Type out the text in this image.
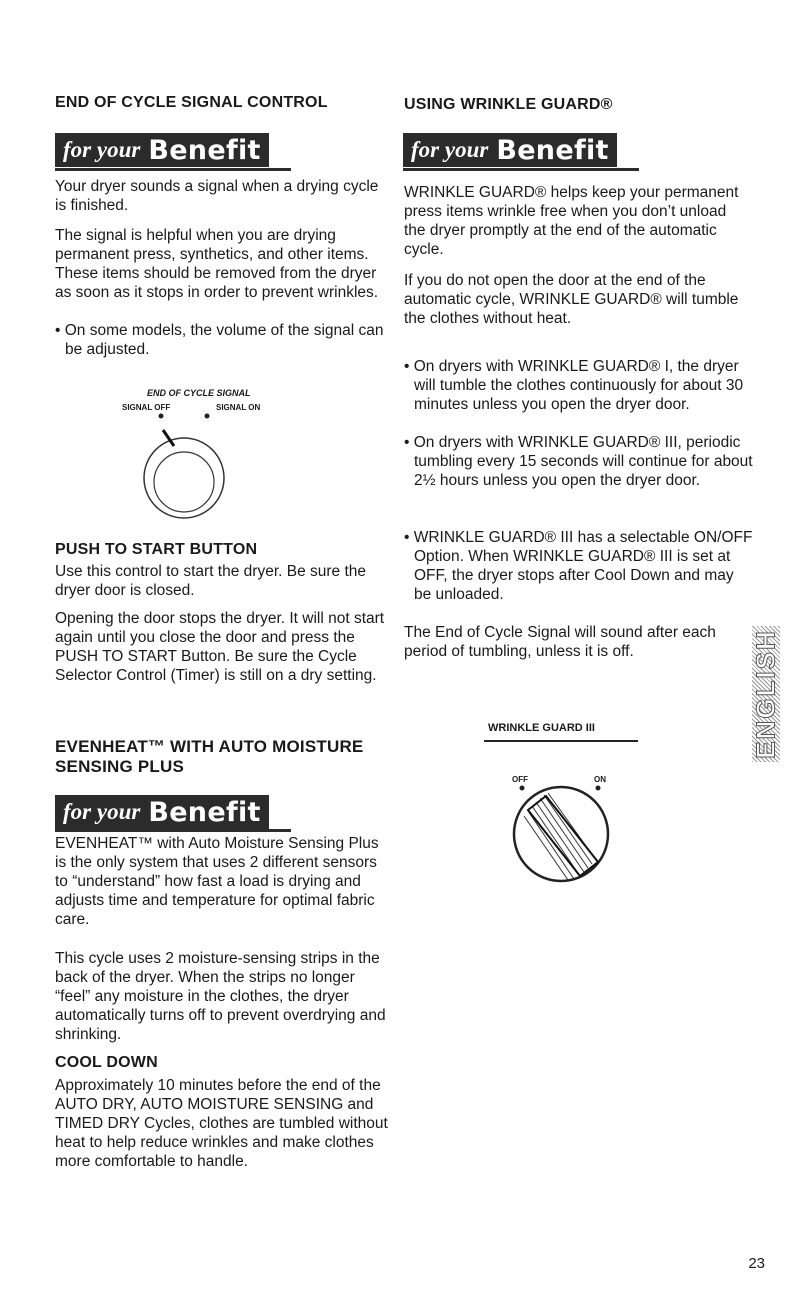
END OF CYCLE SIGNAL CONTROL
for your Benefit

Your dryer sounds a signal when a drying cycle is finished.

The signal is helpful when you are drying permanent press, synthetics, and other items. These items should be removed from the dryer as soon as it stops in order to prevent wrinkles.

• On some models, the volume of the signal can be adjusted.

END OF CYCLE SIGNAL
SIGNAL OFF	SIGNAL ON
PUSH TO START BUTTON

Use this control to start the dryer. Be sure the dryer door is closed.

Opening the door stops the dryer. It will not start again until you close the door and press the PUSH TO START Button. Be sure the Cycle Selector Control (Timer) is still on a dry setting.

EVENHEAT™ WITH AUTO MOISTURE
SENSING PLUS
for your Benefit

EVENHEAT™ with Auto Moisture Sensing Plus is the only system that uses 2 different sensors to “understand” how fast a load is drying and adjusts time and temperature for optimal fabric care.

This cycle uses 2 moisture-sensing strips in the back of the dryer. When the strips no longer “feel” any moisture in the clothes, the dryer automatically turns off to prevent overdrying and shrinking.

COOL DOWN

Approximately 10 minutes before the end of the AUTO DRY, AUTO MOISTURE SENSING and TIMED DRY Cycles, clothes are tumbled without heat to help reduce wrinkles and make clothes more comfortable to handle.

USING WRINKLE GUARD®
for your Benefit

WRINKLE GUARD® helps keep your permanent press items wrinkle free when you don’t unload the dryer promptly at the end of the automatic cycle.

If you do not open the door at the end of the automatic cycle, WRINKLE GUARD® will tumble the clothes without heat.

• On dryers with WRINKLE GUARD® I, the dryer will tumble the clothes continuously for about 30 minutes unless you open the dryer door.

• On dryers with WRINKLE GUARD® III, periodic tumbling every 15 seconds will continue for about 2½ hours unless you open the dryer door.

• WRINKLE GUARD® III has a selectable ON/OFF Option. When WRINKLE GUARD® III is set at OFF, the dryer stops after Cool Down and may be unloaded.

The End of Cycle Signal will sound after each period of tumbling, unless it is off.

WRINKLE GUARD III
OFF	ON
ENGLISH
23
